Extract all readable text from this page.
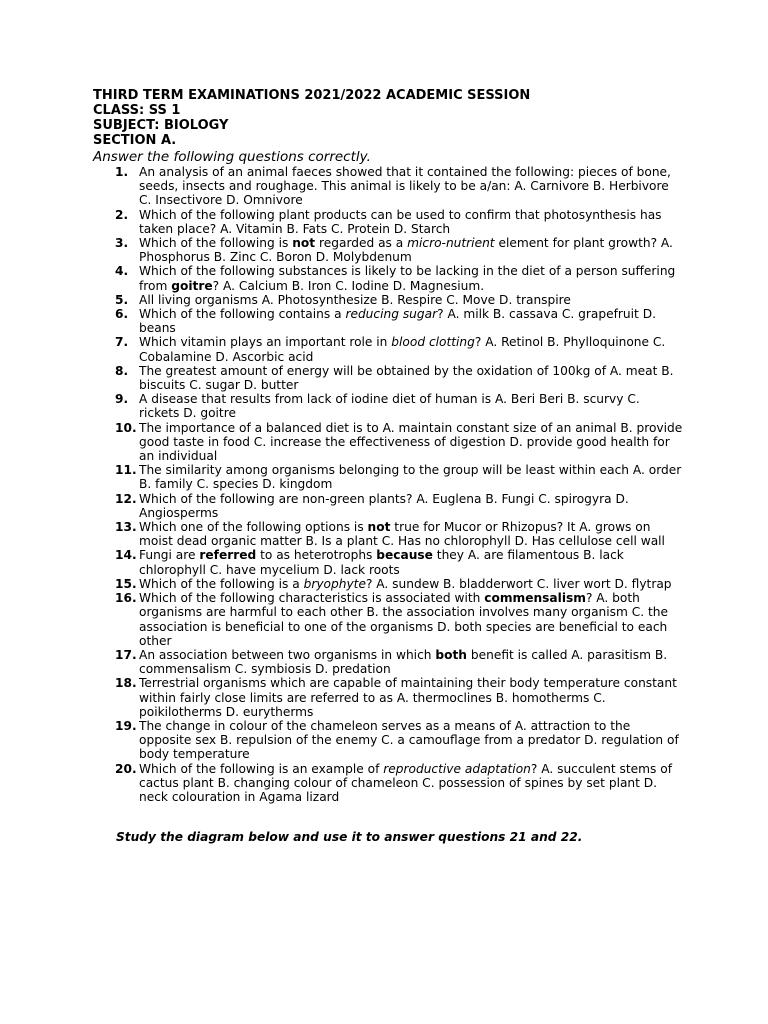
THIRD TERM EXAMINATIONS 2021/2022 ACADEMIC SESSION

CLASS: SS 1

SUBJECT: BIOLOGY

SECTION A.

Answer the following questions correctly.
1. An analysis of an animal faeces showed that it contained the following: pieces of bone, seeds, insects and roughage. This animal is likely to be a/an: A. Carnivore B. Herbivore C. Insectivore D. Omnivore
2. Which of the following plant products can be used to confirm that photosynthesis has taken place? A. Vitamin B. Fats C. Protein D. Starch
3. Which of the following is not regarded as a micro-nutrient element for plant growth? A. Phosphorus B. Zinc C. Boron D. Molybdenum
4. Which of the following substances is likely to be lacking in the diet of a person suffering from goitre? A. Calcium B. Iron C. Iodine D. Magnesium.
5. All living organisms A. Photosynthesize B. Respire C. Move D. transpire
6. Which of the following contains a reducing sugar? A. milk B. cassava C. grapefruit D. beans
7. Which vitamin plays an important role in blood clotting? A. Retinol B. Phylloquinone C. Cobalamine D. Ascorbic acid
8. The greatest amount of energy will be obtained by the oxidation of 100kg of A. meat B. biscuits C. sugar D. butter
9. A disease that results from lack of iodine diet of human is A. Beri Beri B. scurvy C. rickets D. goitre
10. The importance of a balanced diet is to A. maintain constant size of an animal B. provide good taste in food C. increase the effectiveness of digestion D. provide good health for an individual
11. The similarity among organisms belonging to the group will be least within each A. order B. family C. species D. kingdom
12. Which of the following are non-green plants? A. Euglena B. Fungi C. spirogyra D. Angiosperms
13. Which one of the following options is not true for Mucor or Rhizopus? It A. grows on moist dead organic matter B. Is a plant C. Has no chlorophyll D. Has cellulose cell wall
14. Fungi are referred to as heterotrophs because they A. are filamentous B. lack chlorophyll C. have mycelium D. lack roots
15. Which of the following is a bryophyte? A. sundew B. bladderwort C. liver wort D. flytrap
16. Which of the following characteristics is associated with commensalism? A. both organisms are harmful to each other B. the association involves many organism C. the association is beneficial to one of the organisms D. both species are beneficial to each other
17. An association between two organisms in which both benefit is called A. parasitism B. commensalism C. symbiosis D. predation
18. Terrestrial organisms which are capable of maintaining their body temperature constant within fairly close limits are referred to as A. thermoclines B. homotherms C. poikilotherms D. eurytherms
19. The change in colour of the chameleon serves as a means of A. attraction to the opposite sex B. repulsion of the enemy C. a camouflage from a predator D. regulation of body temperature
20. Which of the following is an example of reproductive adaptation? A. succulent stems of cactus plant B. changing colour of chameleon C. possession of spines by set plant D. neck colouration in Agama lizard
Study the diagram below and use it to answer questions 21 and 22.
